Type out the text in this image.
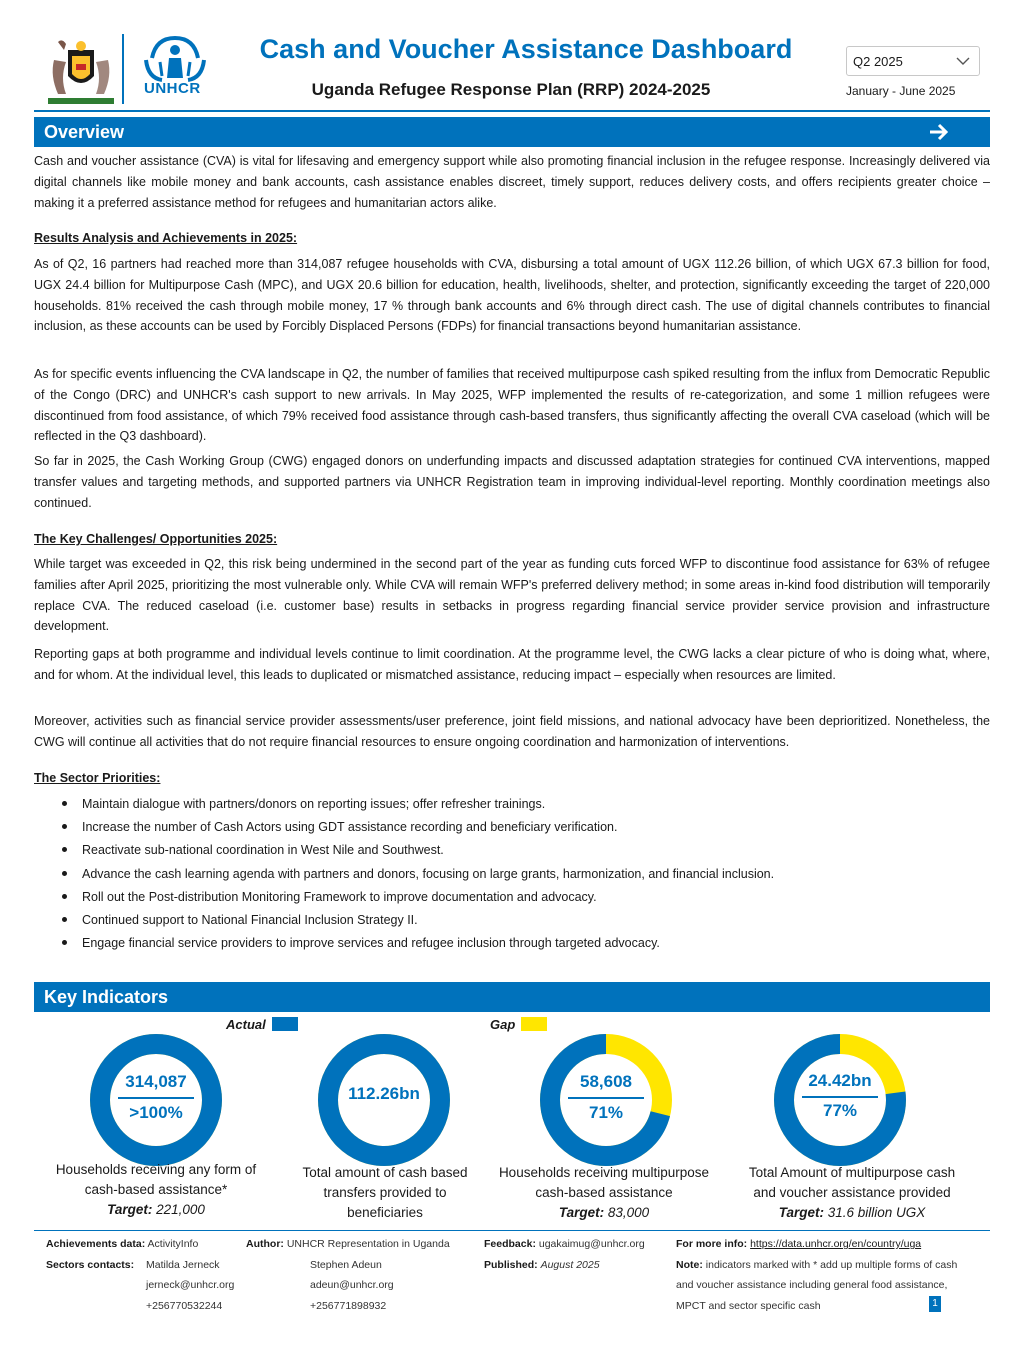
UNHCR
Cash and Voucher Assistance Dashboard
Uganda Refugee Response Plan (RRP) 2024-2025
Q2 2025
January - June 2025
Overview

Cash and voucher assistance (CVA) is vital for lifesaving and emergency support while also promoting financial inclusion in the refugee response. Increasingly delivered via digital channels like mobile money and bank accounts, cash assistance enables discreet, timely support, reduces delivery costs, and offers recipients greater choice – making it a preferred assistance method for refugees and humanitarian actors alike.

Results Analysis and Achievements in 2025:

As of Q2, 16 partners had reached more than 314,087 refugee households with CVA, disbursing a total amount of UGX 112.26 billion, of which UGX 67.3 billion for food, UGX 24.4 billion for Multipurpose Cash (MPC), and UGX 20.6 billion for education, health, livelihoods, shelter, and protection, significantly exceeding the target of 220,000 households. 81% received the cash through mobile money, 17 % through bank accounts and 6% through direct cash. The use of digital channels contributes to financial inclusion, as these accounts can be used by Forcibly Displaced Persons (FDPs) for financial transactions beyond humanitarian assistance.

As for specific events influencing the CVA landscape in Q2, the number of families that received multipurpose cash spiked resulting from the influx from Democratic Republic of the Congo (DRC) and UNHCR's cash support to new arrivals. In May 2025, WFP implemented the results of re-categorization, and some 1 million refugees were discontinued from food assistance, of which 79% received food assistance through cash-based transfers, thus significantly affecting the overall CVA caseload (which will be reflected in the Q3 dashboard).

So far in 2025, the Cash Working Group (CWG) engaged donors on underfunding impacts and discussed adaptation strategies for continued CVA interventions, mapped transfer values and targeting methods, and supported partners via UNHCR Registration team in improving individual-level reporting. Monthly coordination meetings also continued.

The Key Challenges/ Opportunities 2025:

While target was exceeded in Q2, this risk being undermined in the second part of the year as funding cuts forced WFP to discontinue food assistance for 63% of refugee families after April 2025, prioritizing the most vulnerable only. While CVA will remain WFP's preferred delivery method; in some areas in-kind food distribution will temporarily replace CVA. The reduced caseload (i.e. customer base) results in setbacks in progress regarding financial service provider service provision and infrastructure development.

Reporting gaps at both programme and individual levels continue to limit coordination. At the programme level, the CWG lacks a clear picture of who is doing what, where, and for whom. At the individual level, this leads to duplicated or mismatched assistance, reducing impact – especially when resources are limited.

Moreover, activities such as financial service provider assessments/user preference, joint field missions, and national advocacy have been deprioritized. Nonetheless, the CWG will continue all activities that do not require financial resources to ensure ongoing coordination and harmonization of interventions.

The Sector Priorities:
Maintain dialogue with partners/donors on reporting issues; offer refresher trainings.
Increase the number of Cash Actors using GDT assistance recording and beneficiary verification.
Reactivate sub-national coordination in West Nile and Southwest.
Advance the cash learning agenda with partners and donors, focusing on large grants, harmonization, and financial inclusion.
Roll out the Post-distribution Monitoring Framework to improve documentation and advocacy.
Continued support to National Financial Inclusion Strategy II.
Engage financial service providers to improve services and refugee inclusion through targeted advocacy.
Key Indicators
Actual	Gap
314,087
>100%
Households receiving any form of
cash-based assistance*
Target: 221,000
112.26bn
Total amount of cash based
transfers provided to
beneficiaries
58,608
71%
Households receiving multipurpose
cash-based assistance
Target: 83,000
24.42bn
77%
Total Amount of multipurpose cash
and voucher assistance provided
Target: 31.6 billion UGX
Achievements data: ActivityInfo
Sectors contacts: Matilda Jerneck
jerneck@unhcr.org
+256770532244
Author: UNHCR Representation in Uganda
Stephen Adeun
adeun@unhcr.org
+256771898932
Feedback: ugakaimug@unhcr.org
Published: August 2025
For more info: https://data.unhcr.org/en/country/uga
Note: indicators marked with * add up multiple forms of cash
and voucher assistance including general food assistance,
MPCT and sector specific cash	1
